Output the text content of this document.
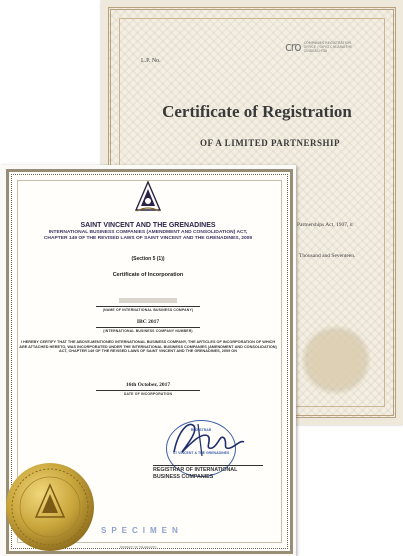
L.P. No.
cro COMPANIES REGISTRATION OFFICE / OIFIG CHLÁRAITHE CUIDEACHTAÍ
Certificate of Registration
OF A LIMITED PARTNERSHIP
Partnerships Act, 1907, it
Thousand and Seventeen.
SAINT VINCENT AND THE GRENADINES
INTERNATIONAL BUSINESS COMPANIES (AMENDMENT AND CONSOLIDATION) ACT,
CHAPTER 149 OF THE REVISED LAWS OF SAINT VINCENT AND THE GRENADINES, 2009
(Section 5 (1))
Certificate of Incorporation
(NAME OF INTERNATIONAL BUSINESS COMPANY)
IBC 2017
(INTERNATIONAL BUSINESS COMPANY NUMBER)
I HEREBY CERTIFY THAT THE ABOVE-MENTIONED INTERNATIONAL BUSINESS COMPANY, THE ARTICLES OF INCORPORATION OF WHICH ARE ATTACHED HERETO, WAS INCORPORATED UNDER THE INTERNATIONAL BUSINESS COMPANIES (AMENDMENT AND CONSOLIDATION) ACT, CHAPTER 149 OF THE REVISED LAWS OF SAINT VINCENT AND THE GRENADINES, 2009 ON
16th October, 2017
DATE OF INCORPORATION
REGISTRAR
ST VINCENT & THE GRENADINES
REGISTRAR OF INTERNATIONAL
BUSINESS COMPANIES
SPECIMEN
PROPERTY OF THE REGISTRY
